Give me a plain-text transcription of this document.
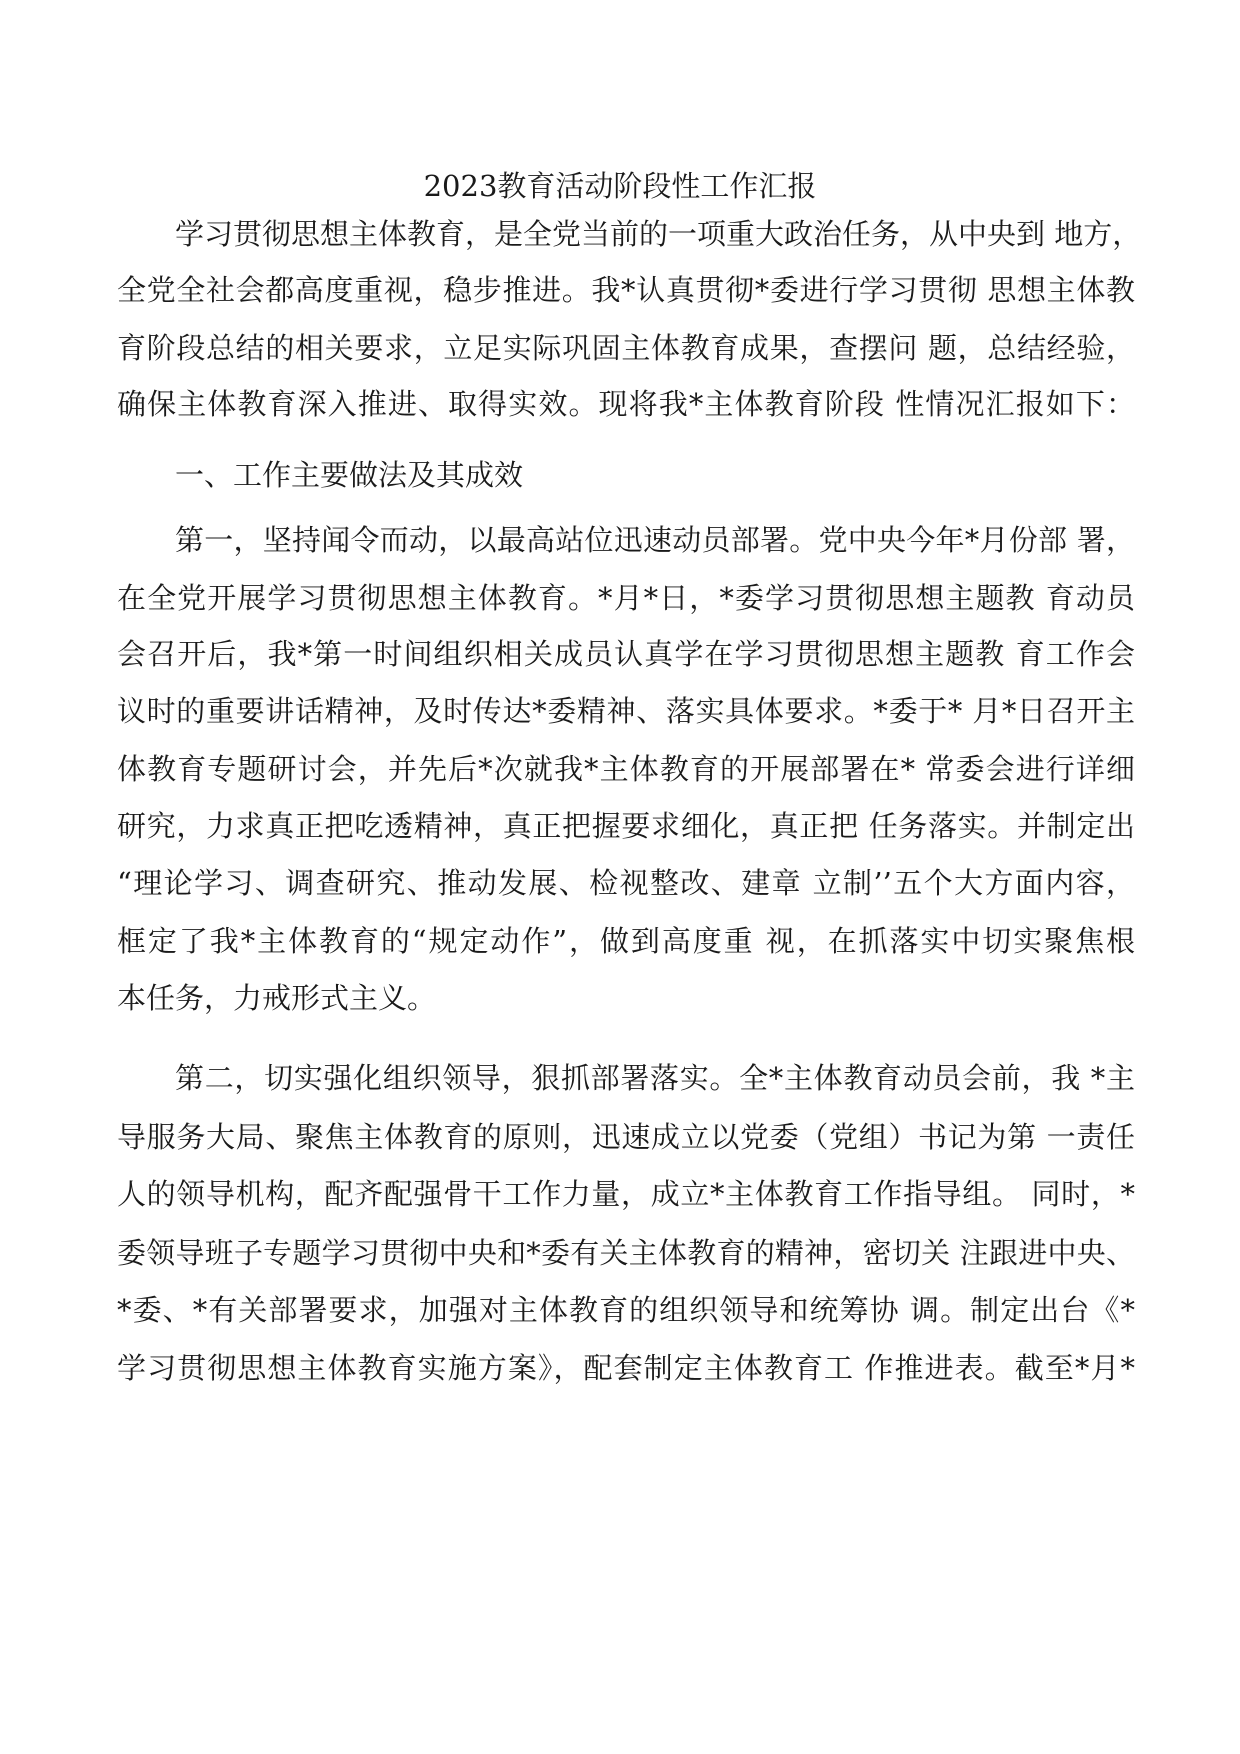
2023教育活动阶段性工作汇报
学习贯彻思想主体教育，是全党当前的一项重大政治任务，从中央到 地方，
全党全社会都高度重视，稳步推进。我*认真贯彻*委进行学习贯彻 思想主体教
育阶段总结的相关要求，立足实际巩固主体教育成果，查摆问 题，总结经验，
确保主体教育深入推进、取得实效。现将我*主体教育阶段 性情况汇报如下：
一、工作主要做法及其成效
第一，坚持闻令而动，以最高站位迅速动员部署。党中央今年*月份部 署，
在全党开展学习贯彻思想主体教育。*月*日，*委学习贯彻思想主题教 育动员
会召开后，我*第一时间组织相关成员认真学在学习贯彻思想主题教 育工作会
议时的重要讲话精神，及时传达*委精神、落实具体要求。*委于* 月*日召开主
体教育专题研讨会，并先后*次就我*主体教育的开展部署在* 常委会进行详细
研究，力求真正把吃透精神，真正把握要求细化，真正把 任务落实。并制定出
“理论学习、调查研究、推动发展、检视整改、建章 立制’’五个大方面内容，
框定了我*主体教育的“规定动作”，做到高度重 视，在抓落实中切实聚焦根
本任务，力戒形式主义。
第二，切实强化组织领导，狠抓部署落实。全*主体教育动员会前，我 *主
导服务大局、聚焦主体教育的原则，迅速成立以党委（党组）书记为第 一责任
人的领导机构，配齐配强骨干工作力量，成立*主体教育工作指导组。 同时，*
委领导班子专题学习贯彻中央和*委有关主体教育的精神，密切关 注跟进中央、
*委、*有关部署要求，加强对主体教育的组织领导和统筹协 调。制定出台《*
学习贯彻思想主体教育实施方案》，配套制定主体教育工 作推进表。截至*月*
